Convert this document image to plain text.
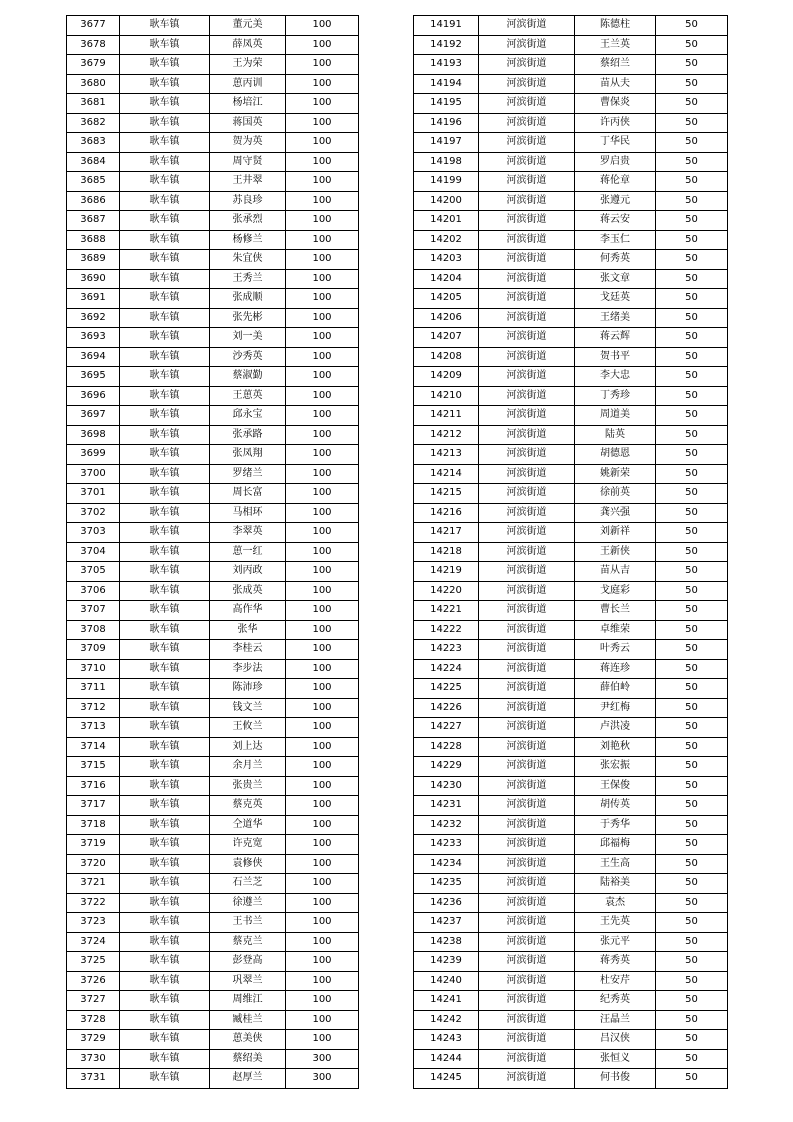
3677	耿车镇	董元美	100
3678	耿车镇	薛凤英	100
3679	耿车镇	王为荣	100
3680	耿车镇	葸丙训	100
3681	耿车镇	杨培江	100
3682	耿车镇	蒋国英	100
3683	耿车镇	贺为英	100
3684	耿车镇	周守贤	100
3685	耿车镇	王井翠	100
3686	耿车镇	苏良珍	100
3687	耿车镇	张承烈	100
3688	耿车镇	杨修兰	100
3689	耿车镇	朱宜侠	100
3690	耿车镇	王秀兰	100
3691	耿车镇	张成顺	100
3692	耿车镇	张先彬	100
3693	耿车镇	刘一美	100
3694	耿车镇	沙秀英	100
3695	耿车镇	蔡淑勤	100
3696	耿车镇	王葸英	100
3697	耿车镇	邱永宝	100
3698	耿车镇	张承路	100
3699	耿车镇	张凤翔	100
3700	耿车镇	罗绪兰	100
3701	耿车镇	周长富	100
3702	耿车镇	马相环	100
3703	耿车镇	李翠英	100
3704	耿车镇	葸一红	100
3705	耿车镇	刘丙政	100
3706	耿车镇	张成英	100
3707	耿车镇	高作华	100
3708	耿车镇	张华	100
3709	耿车镇	李桂云	100
3710	耿车镇	李步法	100
3711	耿车镇	陈沛珍	100
3712	耿车镇	钱文兰	100
3713	耿车镇	王攸兰	100
3714	耿车镇	刘上达	100
3715	耿车镇	余月兰	100
3716	耿车镇	张贵兰	100
3717	耿车镇	蔡克英	100
3718	耿车镇	仝道华	100
3719	耿车镇	许克宽	100
3720	耿车镇	袁修侠	100
3721	耿车镇	石兰芝	100
3722	耿车镇	徐遵兰	100
3723	耿车镇	王书兰	100
3724	耿车镇	蔡克兰	100
3725	耿车镇	彭登高	100
3726	耿车镇	巩翠兰	100
3727	耿车镇	周维江	100
3728	耿车镇	臧桂兰	100
3729	耿车镇	葸美侠	100
3730	耿车镇	蔡绍美	300
3731	耿车镇	赵厚兰	300
14191	河滨街道	陈德柱	50
14192	河滨街道	王兰英	50
14193	河滨街道	蔡绍兰	50
14194	河滨街道	苗从夫	50
14195	河滨街道	曹保炎	50
14196	河滨街道	许丙侠	50
14197	河滨街道	丁华民	50
14198	河滨街道	罗启贵	50
14199	河滨街道	蒋伦章	50
14200	河滨街道	张遵元	50
14201	河滨街道	蒋云安	50
14202	河滨街道	李玉仁	50
14203	河滨街道	何秀英	50
14204	河滨街道	张文章	50
14205	河滨街道	戈廷英	50
14206	河滨街道	王绪美	50
14207	河滨街道	蒋云辉	50
14208	河滨街道	贺书平	50
14209	河滨街道	李大忠	50
14210	河滨街道	丁秀珍	50
14211	河滨街道	周道美	50
14212	河滨街道	陆英	50
14213	河滨街道	胡德恩	50
14214	河滨街道	姚新荣	50
14215	河滨街道	徐前英	50
14216	河滨街道	龚兴强	50
14217	河滨街道	刘新祥	50
14218	河滨街道	王新侠	50
14219	河滨街道	苗从吉	50
14220	河滨街道	戈庭彩	50
14221	河滨街道	曹长兰	50
14222	河滨街道	卓维荣	50
14223	河滨街道	叶秀云	50
14224	河滨街道	蒋连珍	50
14225	河滨街道	薛伯岭	50
14226	河滨街道	尹红梅	50
14227	河滨街道	卢洪凌	50
14228	河滨街道	刘艳秋	50
14229	河滨街道	张宏振	50
14230	河滨街道	王保俊	50
14231	河滨街道	胡传英	50
14232	河滨街道	于秀华	50
14233	河滨街道	邱福梅	50
14234	河滨街道	王生高	50
14235	河滨街道	陆裕美	50
14236	河滨街道	袁杰	50
14237	河滨街道	王先英	50
14238	河滨街道	张元平	50
14239	河滨街道	蒋秀英	50
14240	河滨街道	杜安芹	50
14241	河滨街道	纪秀英	50
14242	河滨街道	汪晶兰	50
14243	河滨街道	吕汉侠	50
14244	河滨街道	张恒义	50
14245	河滨街道	何书俊	50
